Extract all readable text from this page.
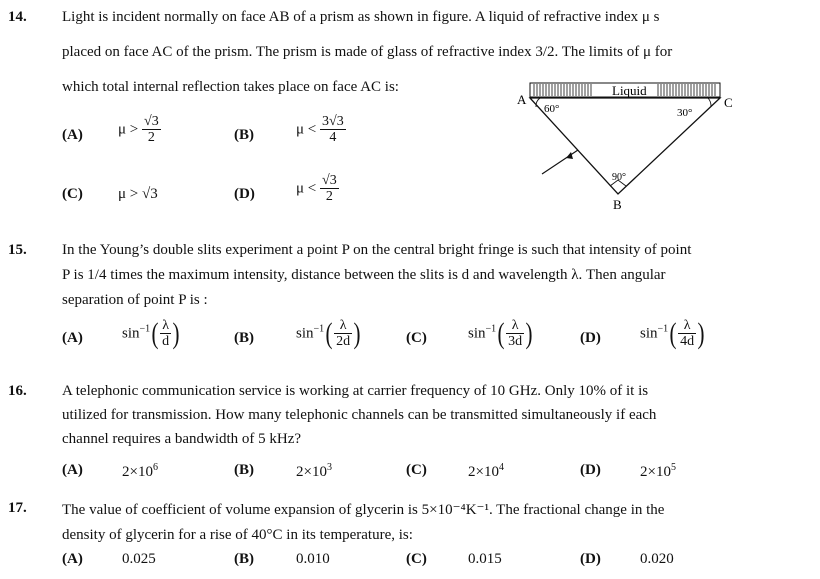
14. Light is incident normally on face AB of a prism as shown in figure. A liquid of refractive index μ s
placed on face AC of the prism. The prism is made of glass of refractive index 3/2. The limits of μ for
which total internal reflection takes place on face AC is:
(A) $\mu > \frac{√3}{2}$	(B)	$\mu < \frac{3√3}{4}$
(C) μ > √3	(D)	$\mu < \frac{√3}{2}$
Liquid
A	C
B
60°	30°
90°
15. In the Young’s double slits experiment a point P on the central bright fringe is such that intensity of point
P is 1/4 times the maximum intensity, distance between the slits is d and wavelength λ. Then angular
separation of point P is :
(A)	$\sin^{-1}( \frac{\lambda}{d}$ )	(B)	$\sin^{-1}( \frac{\lambda}{2d}$ )	(C)	$\sin^{-1}( \frac{\lambda}{3d}$ )	(D)	$\sin^{-1}( \frac{\lambda}{4d}$ )
16. A telephonic communication service is working at carrier frequency of 10 GHz. Only 10% of it is
utilized for transmission. How many telephonic channels can be transmitted simultaneously if each
channel requires a bandwidth of 5 kHz?
(A)	$2\times 10^6$	(B)	$2\times 10^3$	(C)	$2\times 10^4$	(D)	$2\times 10^5$
17. The value of coefficient of volume expansion of glycerin is 5×10⁻⁴K⁻¹. The fractional change in the
density of glycerin for a rise of 40°C in its temperature, is:
(A)	0.025	(B)	0.010	(C)	0.015	(D)	0.020
